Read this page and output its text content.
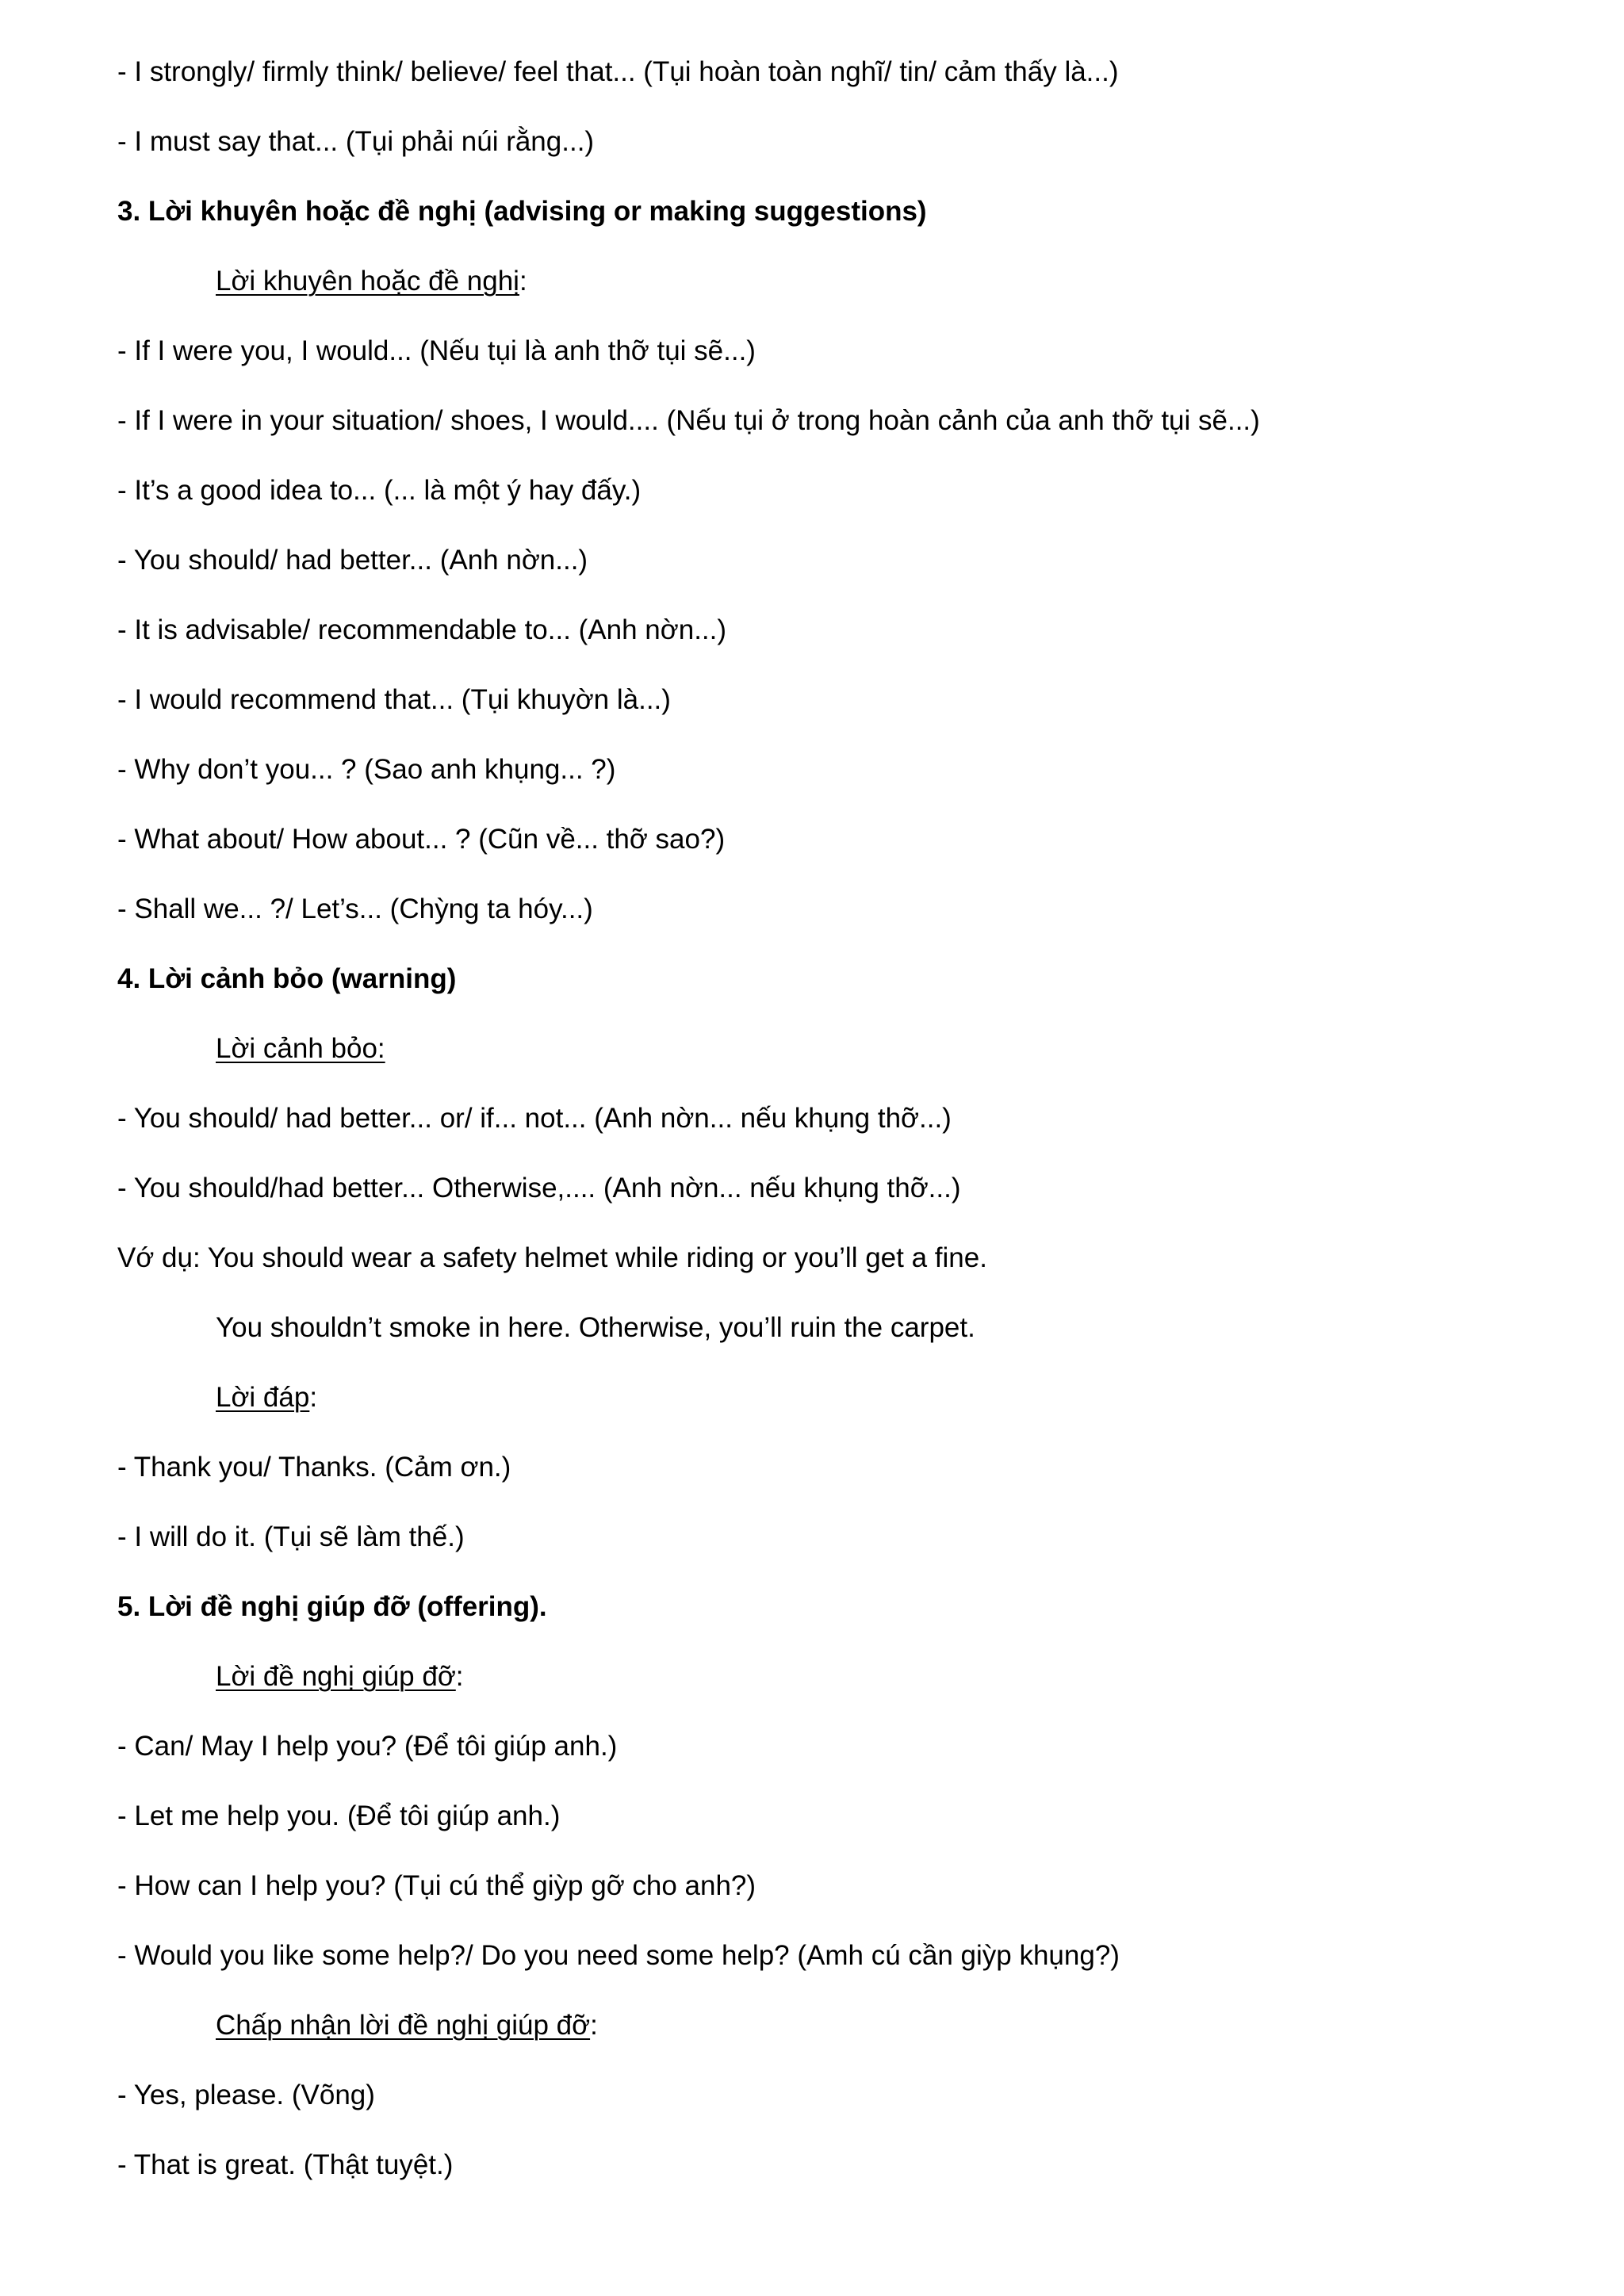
- I strongly/ firmly think/ believe/ feel that... (Tụi hoàn toàn nghĩ/ tin/ cảm thấy là...)
- I must say that... (Tụi phải núi rằng...)
3. Lời khuyên hoặc đề nghị (advising or making suggestions)
Lời khuyên hoặc đề nghị:
- If I were you, I would... (Nếu tụi là anh thỡ tụi sẽ...)
- If I were in your situation/ shoes, I would.... (Nếu tụi ở trong hoàn cảnh của anh thỡ tụi sẽ...)
- It’s a good idea to... (... là một ý hay đấy.)
- You should/ had better... (Anh nờn...)
- It is advisable/ recommendable to... (Anh nờn...)
- I would recommend that... (Tụi khuyờn là...)
- Why don’t you... ? (Sao anh khụng... ?)
- What about/ How about... ? (Cũn về... thỡ sao?)
- Shall we... ?/ Let’s... (Chỳng ta hóy...)
4. Lời cảnh bỏo (warning)
Lời cảnh bỏo:
- You should/ had better... or/ if... not... (Anh nờn... nếu khụng thỡ...)
- You should/had better... Otherwise,.... (Anh nờn... nếu khụng thỡ...)
Vớ dụ: You should wear a safety helmet while riding or you’ll get a fine.
You shouldn’t smoke in here. Otherwise, you’ll ruin the carpet.
Lời đáp:
- Thank you/ Thanks. (Cảm ơn.)
- I will do it. (Tụi sẽ làm thế.)
5. Lời đề nghị giúp đỡ (offering).
Lời đề nghị giúp đỡ:
- Can/ May I help you? (Để tôi giúp anh.)
- Let me help you. (Để tôi giúp anh.)
- How can I help you? (Tụi cú thể giỳp gỡ cho anh?)
- Would you like some help?/ Do you need some help? (Amh cú cần giỳp khụng?)
Chấp nhận lời đề nghị giúp đỡ:
- Yes, please. (Võng)
- That is great. (Thật tuyệt.)
